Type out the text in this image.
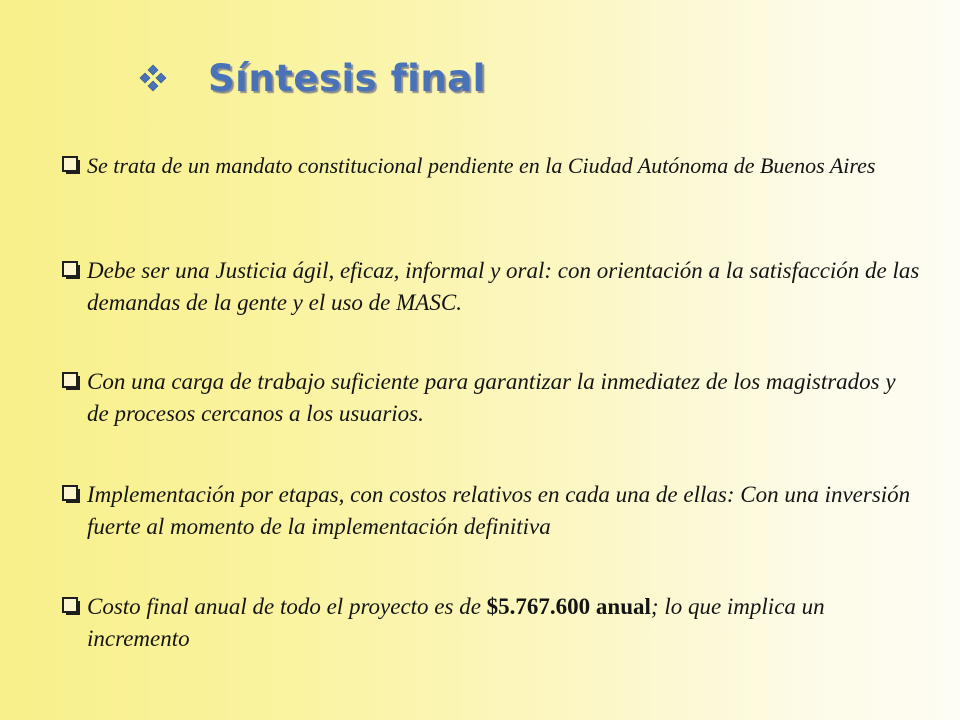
Síntesis final
Se trata de un mandato constitucional pendiente en la Ciudad Autónoma de Buenos Aires
Debe ser una Justicia ágil, eficaz, informal y oral: con orientación a la satisfacción de las demandas de la gente y el uso de MASC.
Con una carga de trabajo suficiente para garantizar la inmediatez de los magistrados y de procesos cercanos a los usuarios.
Implementación por etapas, con costos relativos en cada una de ellas: Con una inversión fuerte al momento de la implementación definitiva
Costo final anual de todo el proyecto es de $5.767.600 anual; lo que implica un incremento
